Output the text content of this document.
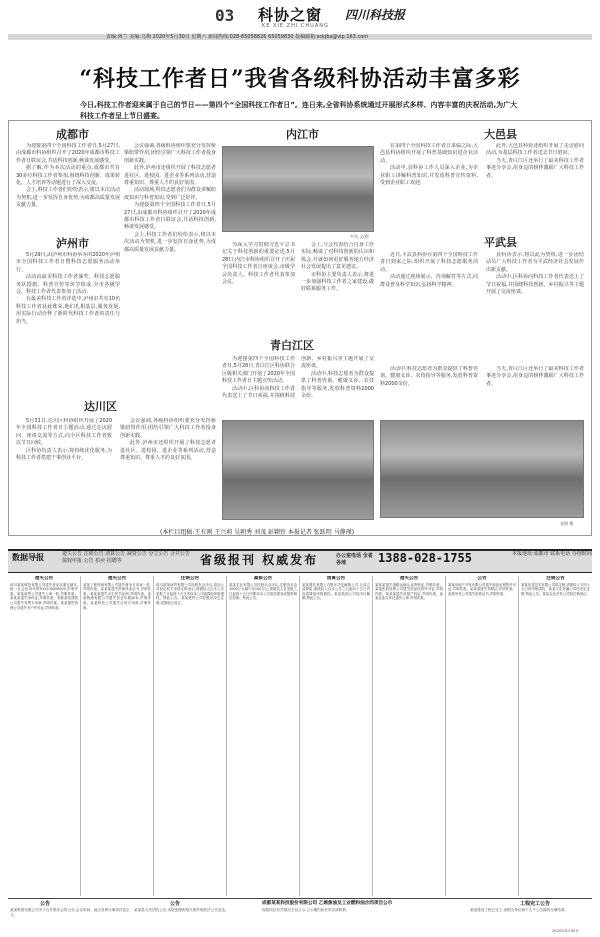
03 科协之窗
KE XIE ZHI CHUANG
四川科技报
责编:蒋兰 美编:乌梅 2020年5月30日 星期六 新闻热线:028-65058826 65059830 投稿邮箱:sckjbs@vip.163.com
“科技工作者日”我省各级科协活动丰富多彩
今日,科技工作者迎来属于自己的节日——第四个“全国科技工作者日”。连日来,全省科协系统通过开展形式多样、内容丰富的庆祝活动,为广大科技工作者呈上节日盛宴。
成都市

为迎接第四个全国科技工作者日,5月27日,由成都市科协组织召开了2020年成都市科技工作者日联谊会,共话科技创新,畅谈发展感受。

据了解,作为本次活动的重点,成都市共有30多位科技工作者参加,围绕科技创新、成果转化、人才培养等话题进行了深入交流。

会上,科技工作者们纷纷表示,将以本次活动为契机,进一步发挥自身优势,为成都高质量发展贡献力量。

泸州市

5月29日,由泸州市科协举办的2020年泸州市全国科技工作者日暨科技志愿服务活动举行。

活动由最美科技工作者颁奖、科技志愿服务队授旗、科普宣传等环节组成,全市各级学会、科技工作者代表参加了活动。

在最美科技工作者评选中,泸州市共有10名科技工作者获此殊荣,他们扎根基层,服务发展,用实际行动诠释了新时代科技工作者的责任与担当。

达川区

5月31日,达川区科协组织开展了2020年全国科技工作者日主题活动,通过走访慰问、座谈交流等方式,向全区科技工作者致以节日问候。

区科协负责人表示,将持续优化服务,为科技工作者搭建干事创业平台。

会议强调,各级科协组织要充分发挥桥梁纽带作用,团结引领广大科技工作者投身创新实践。

此外,泸州市还组织开展了科技志愿者进社区、进校园、进企业等系列活动,营造尊重知识、尊重人才的良好氛围。

会议强调,各级科协组织要充分发挥桥梁纽带作用,团结引领广大科技工作者投身创新实践。

此外,泸州市还组织开展了科技志愿者进社区、进校园、进企业等系列活动,营造尊重知识、尊重人才的良好氛围。

活动现场,科技志愿者们为群众讲解防疫知识与科普知识,受到广泛好评。

为迎接第四个全国科技工作者日,5月27日,由成都市科协组织召开了2020年成都市科技工作者日联谊会,共话科技创新,畅谈发展感受。

会上,科技工作者们纷纷表示,将以本次活动为契机,进一步发挥自身优势,为成都高质量发展贡献力量。

内江市
牛凤 文/图

为深入学习贯彻习近平总书记关于科技创新的重要论述,5月28日,内江市科协组织召开了庆祝全国科技工作者日座谈会,市级学会负责人、科技工作者代表参加会议。

会上,与会代表结合自身工作实际,畅谈了对科技创新的认识和体会,并就如何更好服务地方经济社会发展提出了意见建议。

市科协主要负责人表示,将进一步加强科技工作者之家建设,做好联系服务工作。

青白江区

为迎接第四个全国科技工作者日,5月28日,青白江区科协联合区级相关部门开展了2020年全国科技工作者日主题宣传活动。

活动中,区科协向科技工作者代表送上了节日祝福,并围绕科技创新、乡村振兴等主题开展了交流座谈。

活动中,科技志愿者为群众提供了科普咨询、健康义诊、农技指导等服务,发放科普资料2000余份。

大邑县

在第四个全国科技工作者日来临之际,大邑县科协组织开展了科普基础知识进企业活动。

活动中,县科协工作人员深入企业,为企业职工讲解科普知识,并发放科普宣传资料,受到企业职工欢迎。

此外,大邑县科协还组织开展了走访慰问活动,为基层科技工作者送去节日慰问。

当天,青白江区还举行了最美科技工作者事迹分享会,用身边的榜样激励广大科技工作者。

平武县

近日,平武县科协在第四个全国科技工作者日到来之际,组织开展了科技志愿服务活动。

活动通过现场展示、咨询解答等方式,向群众普及科学知识,弘扬科学精神。

县科协表示,将以此为契机,进一步团结动员广大科技工作者为平武经济社会发展作出新贡献。

活动中,区科协向科技工作者代表送上了节日祝福,并围绕科技创新、乡村振兴等主题开展了交流座谈。

活动中,科技志愿者为群众提供了科普咨询、健康义诊、农技指导等服务,发放科普资料2000余份。

当天,青白江区还举行了最美科技工作者事迹分享会,用身边的榜样激励广大科技工作者。

金钢 摄
(本栏目组稿:王有刚 王兴莉 吴朝秀 刘茂 彭颖铃 本报记者 张跃明 马静瑾)
数据导报	遗失公告 注销公告 清算公告 减资公告 分立公告 合并公告 债权申报 公告 拍卖 招聘等	省级报刊 权威发布	办公室电话 全省各地	1388-028-1755	本报地址:成都市 联系电话 办理时间
遗失公告
四川某某科技有限公司遗失营业执照正副本,统一社会信用代码915100000000,声明作废。某某商贸公司遗失公章一枚,声明作废。某某某遗失身份证,声明作废。成都某某建筑公司遗失发票专用章,声明作废。某某餐饮管理公司遗失开户许可证,声明作废。
遗失公告
某某工程咨询有限公司遗失财务专用章一枚,声明作废。某某某遗失医师执业证书,声明作废。某某某遗失出生医学证明,声明作废。某某物流有限公司遗失营业执照副本,声明作废。某某科技公司遗失合同专用章,声明作废。
注销公告
四川某某商贸有限公司经股东会决议,拟向公司登记机关申请注销登记,请债权人自本公告见报之日起四十五日内向本公司清算组申报债权。特此公告。某某建材公司经股东决定注销,清算组已成立。
减资公告
某某实业有限公司经股东会决议,注册资本由1000万元减少至100万元,请债权人自见报之日起四十五日内要求本公司清偿债务或提供相应担保。特此公告。
清算公告
某某餐饮有限公司股东决定解散公司,已成立清算组,请债权人自本公告之日起四十五日内向清算组申报债权。某某装饰公司经决议解散,特此公告。
遗失公告
某某某遗失道路运输从业资格证,声明作废。某某医药连锁公司遗失药品经营许可证,声明作废。某某某遗失房屋产权证,声明作废。某某农业合作社遗失公章,声明作废。
公告
某某房地产开发有限公司遗失商品房预售许可证,声明作废。某某某遗失驾驶证,声明作废。某某劳务公司遗失资质证书,声明作废。
注销公告
某某信息技术有限公司拟注销,请债权人于四十五日内申报债权。某某文化传播公司经决定注销,特此公告。某某农业开发公司拟注销登记。
公告
某某集团有限公司关于召开股东会的公告,会议时间、地点及审议事项详见正文。
公告
某某县人民法院公告,本院受理的相关案件现依法公告送达。
成都某某科技股份有限公司 乙烯焦油及工业燃料油合同项目公示
现将项目有关情况予以公示,公示期内如有异议请联系。
工程完工公告
某某建设工程已完工,请相关单位和个人于公告期内办理结算。
2020年5月30日
